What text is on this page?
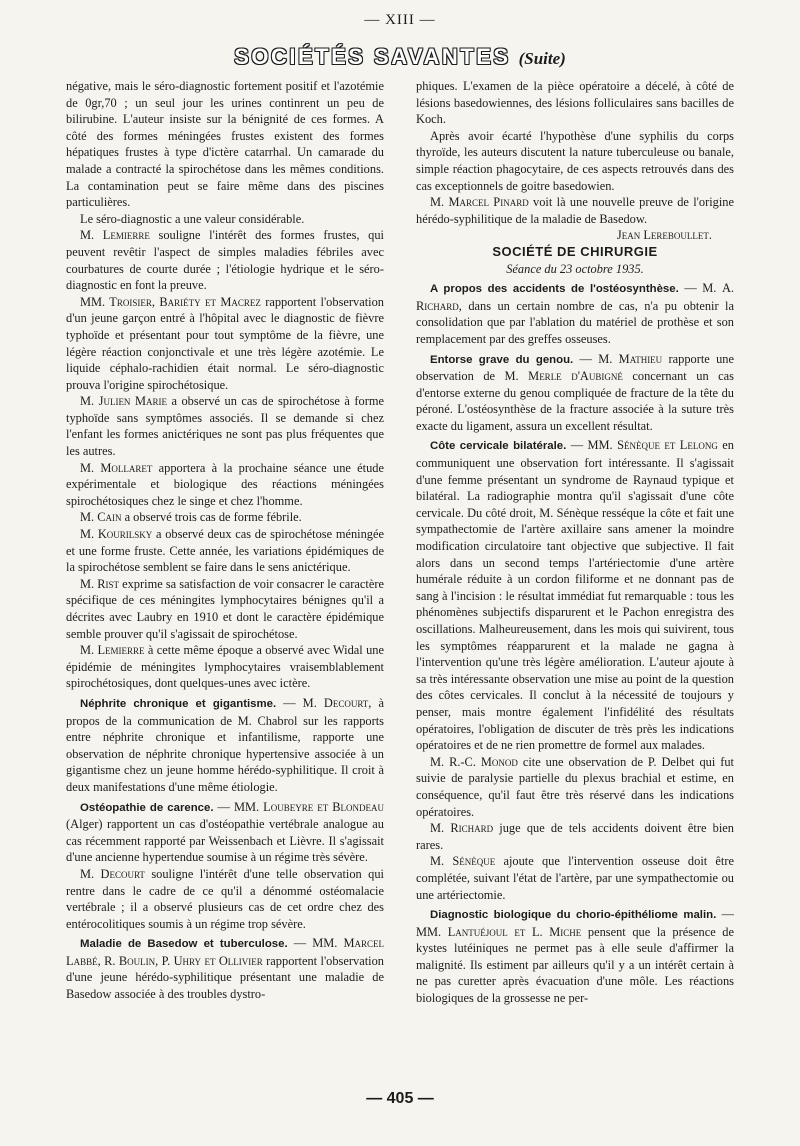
— XIII —
SOCIÉTÉS SAVANTES (Suite)

négative, mais le séro-diagnostic fortement positif et l'azotémie de 0gr,70 ; un seul jour les urines continrent un peu de bilirubine. L'auteur insiste sur la bénignité de ces formes. A côté des formes méningées frustes existent des formes hépatiques frustes à type d'ictère catarrhal. Un camarade du malade a contracté la spirochétose dans les mêmes conditions. La contamination peut se faire même dans des piscines particulières.

Le séro-diagnostic a une valeur considérable.

M. Lemierre souligne l'intérêt des formes frustes, qui peuvent revêtir l'aspect de simples maladies fébriles avec courbatures de courte durée ; l'étiologie hydrique et le séro-diagnostic en font la preuve.

MM. Troisier, Bariéty et Macrez rapportent l'observation d'un jeune garçon entré à l'hôpital avec le diagnostic de fièvre typhoïde et présentant pour tout symptôme de la fièvre, une légère réaction conjonctivale et une très légère azotémie. Le liquide céphalo-rachidien était normal. Le séro-diagnostic prouva l'origine spirochétosique.

M. Julien Marie a observé un cas de spirochétose à forme typhoïde sans symptômes associés. Il se demande si chez l'enfant les formes anictériques ne sont pas plus fréquentes que les autres.

M. Mollaret apportera à la prochaine séance une étude expérimentale et biologique des réactions méningées spirochétosiques chez le singe et chez l'homme.

M. Cain a observé trois cas de forme fébrile.

M. Kourilsky a observé deux cas de spirochétose méningée et une forme fruste. Cette année, les variations épidémiques de la spirochétose semblent se faire dans le sens anictérique.

M. Rist exprime sa satisfaction de voir consacrer le caractère spécifique de ces méningites lymphocytaires bénignes qu'il a décrites avec Laubry en 1910 et dont le caractère épidémique semble prouver qu'il s'agissait de spirochétose.

M. Lemierre à cette même époque a observé avec Widal une épidémie de méningites lymphocytaires vraisemblablement spirochétosiques, dont quelques-unes avec ictère.

Néphrite chronique et gigantisme. — M. Decourt, à propos de la communication de M. Chabrol sur les rapports entre néphrite chronique et infantilisme, rapporte une observation de néphrite chronique hypertensive associée à un gigantisme chez un jeune homme hérédo-syphilitique. Il croit à deux manifestations d'une même étiologie.

Ostéopathie de carence. — MM. Loubeyre et Blondeau (Alger) rapportent un cas d'ostéopathie vertébrale analogue au cas récemment rapporté par Weissenbach et Lièvre. Il s'agissait d'une ancienne hypertendue soumise à un régime très sévère.

M. Decourt souligne l'intérêt d'une telle observation qui rentre dans le cadre de ce qu'il a dénommé ostéomalacie vertébrale ; il a observé plusieurs cas de cet ordre chez des entérocolitiques soumis à un régime trop sévère.

Maladie de Basedow et tuberculose. — MM. Marcel Labbé, R. Boulin, P. Uhry et Ollivier rapportent l'observation d'une jeune hérédo-syphilitique présentant une maladie de Basedow associée à des troubles dystro-

phiques. L'examen de la pièce opératoire a décelé, à côté de lésions basedowiennes, des lésions folliculaires sans bacilles de Koch.

Après avoir écarté l'hypothèse d'une syphilis du corps thyroïde, les auteurs discutent la nature tuberculeuse ou banale, simple réaction phagocytaire, de ces aspects retrouvés dans des cas exceptionnels de goitre basedowien.

M. Marcel Pinard voit là une nouvelle preuve de l'origine hérédo-syphilitique de la maladie de Basedow.

Jean Lereboullet.

SOCIÉTÉ DE CHIRURGIE

Séance du 23 octobre 1935.

A propos des accidents de l'ostéosynthèse. — M. A. Richard, dans un certain nombre de cas, n'a pu obtenir la consolidation que par l'ablation du matériel de prothèse et son remplacement par des greffes osseuses.

Entorse grave du genou. — M. Mathieu rapporte une observation de M. Merle d'Aubigné concernant un cas d'entorse externe du genou compliquée de fracture de la tête du péroné. L'ostéosynthèse de la fracture associée à la suture très exacte du ligament, assura un excellent résultat.

Côte cervicale bilatérale. — MM. Sénèque et Lelong en communiquent une observation fort intéressante. Il s'agissait d'une femme présentant un syndrome de Raynaud typique et bilatéral. La radiographie montra qu'il s'agissait d'une côte cervicale. Du côté droit, M. Sénèque resséque la côte et fait une sympathectomie de l'artère axillaire sans amener la moindre modification circulatoire tant objective que subjective. Il fait alors dans un second temps l'artériectomie d'une artère humérale réduite à un cordon filiforme et ne donnant pas de sang à l'incision : le résultat immédiat fut remarquable : tous les phénomènes subjectifs disparurent et le Pachon enregistra des oscillations. Malheureusement, dans les mois qui suivirent, tous les symptômes réapparurent et la malade ne gagna à l'intervention qu'une très légère amélioration. L'auteur ajoute à sa très intéressante observation une mise au point de la question des côtes cervicales. Il conclut à la nécessité de toujours y penser, mais montre également l'infidélité des résultats opératoires, l'obligation de discuter de très près les indications opératoires et de ne rien promettre de formel aux malades.

M. R.-C. Monod cite une observation de P. Delbet qui fut suivie de paralysie partielle du plexus brachial et estime, en conséquence, qu'il faut être très réservé dans les indications opératoires.

M. Richard juge que de tels accidents doivent être bien rares.

M. Sénèque ajoute que l'intervention osseuse doit être complétée, suivant l'état de l'artère, par une sympathectomie ou une artériectomie.

Diagnostic biologique du chorio-épithéliome malin. — MM. Lantuéjoul et L. Miche pensent que la présence de kystes lutéiniques ne permet pas à elle seule d'affirmer la malignité. Ils estiment par ailleurs qu'il y a un intérêt certain à ne pas curetter après évacuation d'une môle. Les réactions biologiques de la grossesse ne per-

— 405 —
